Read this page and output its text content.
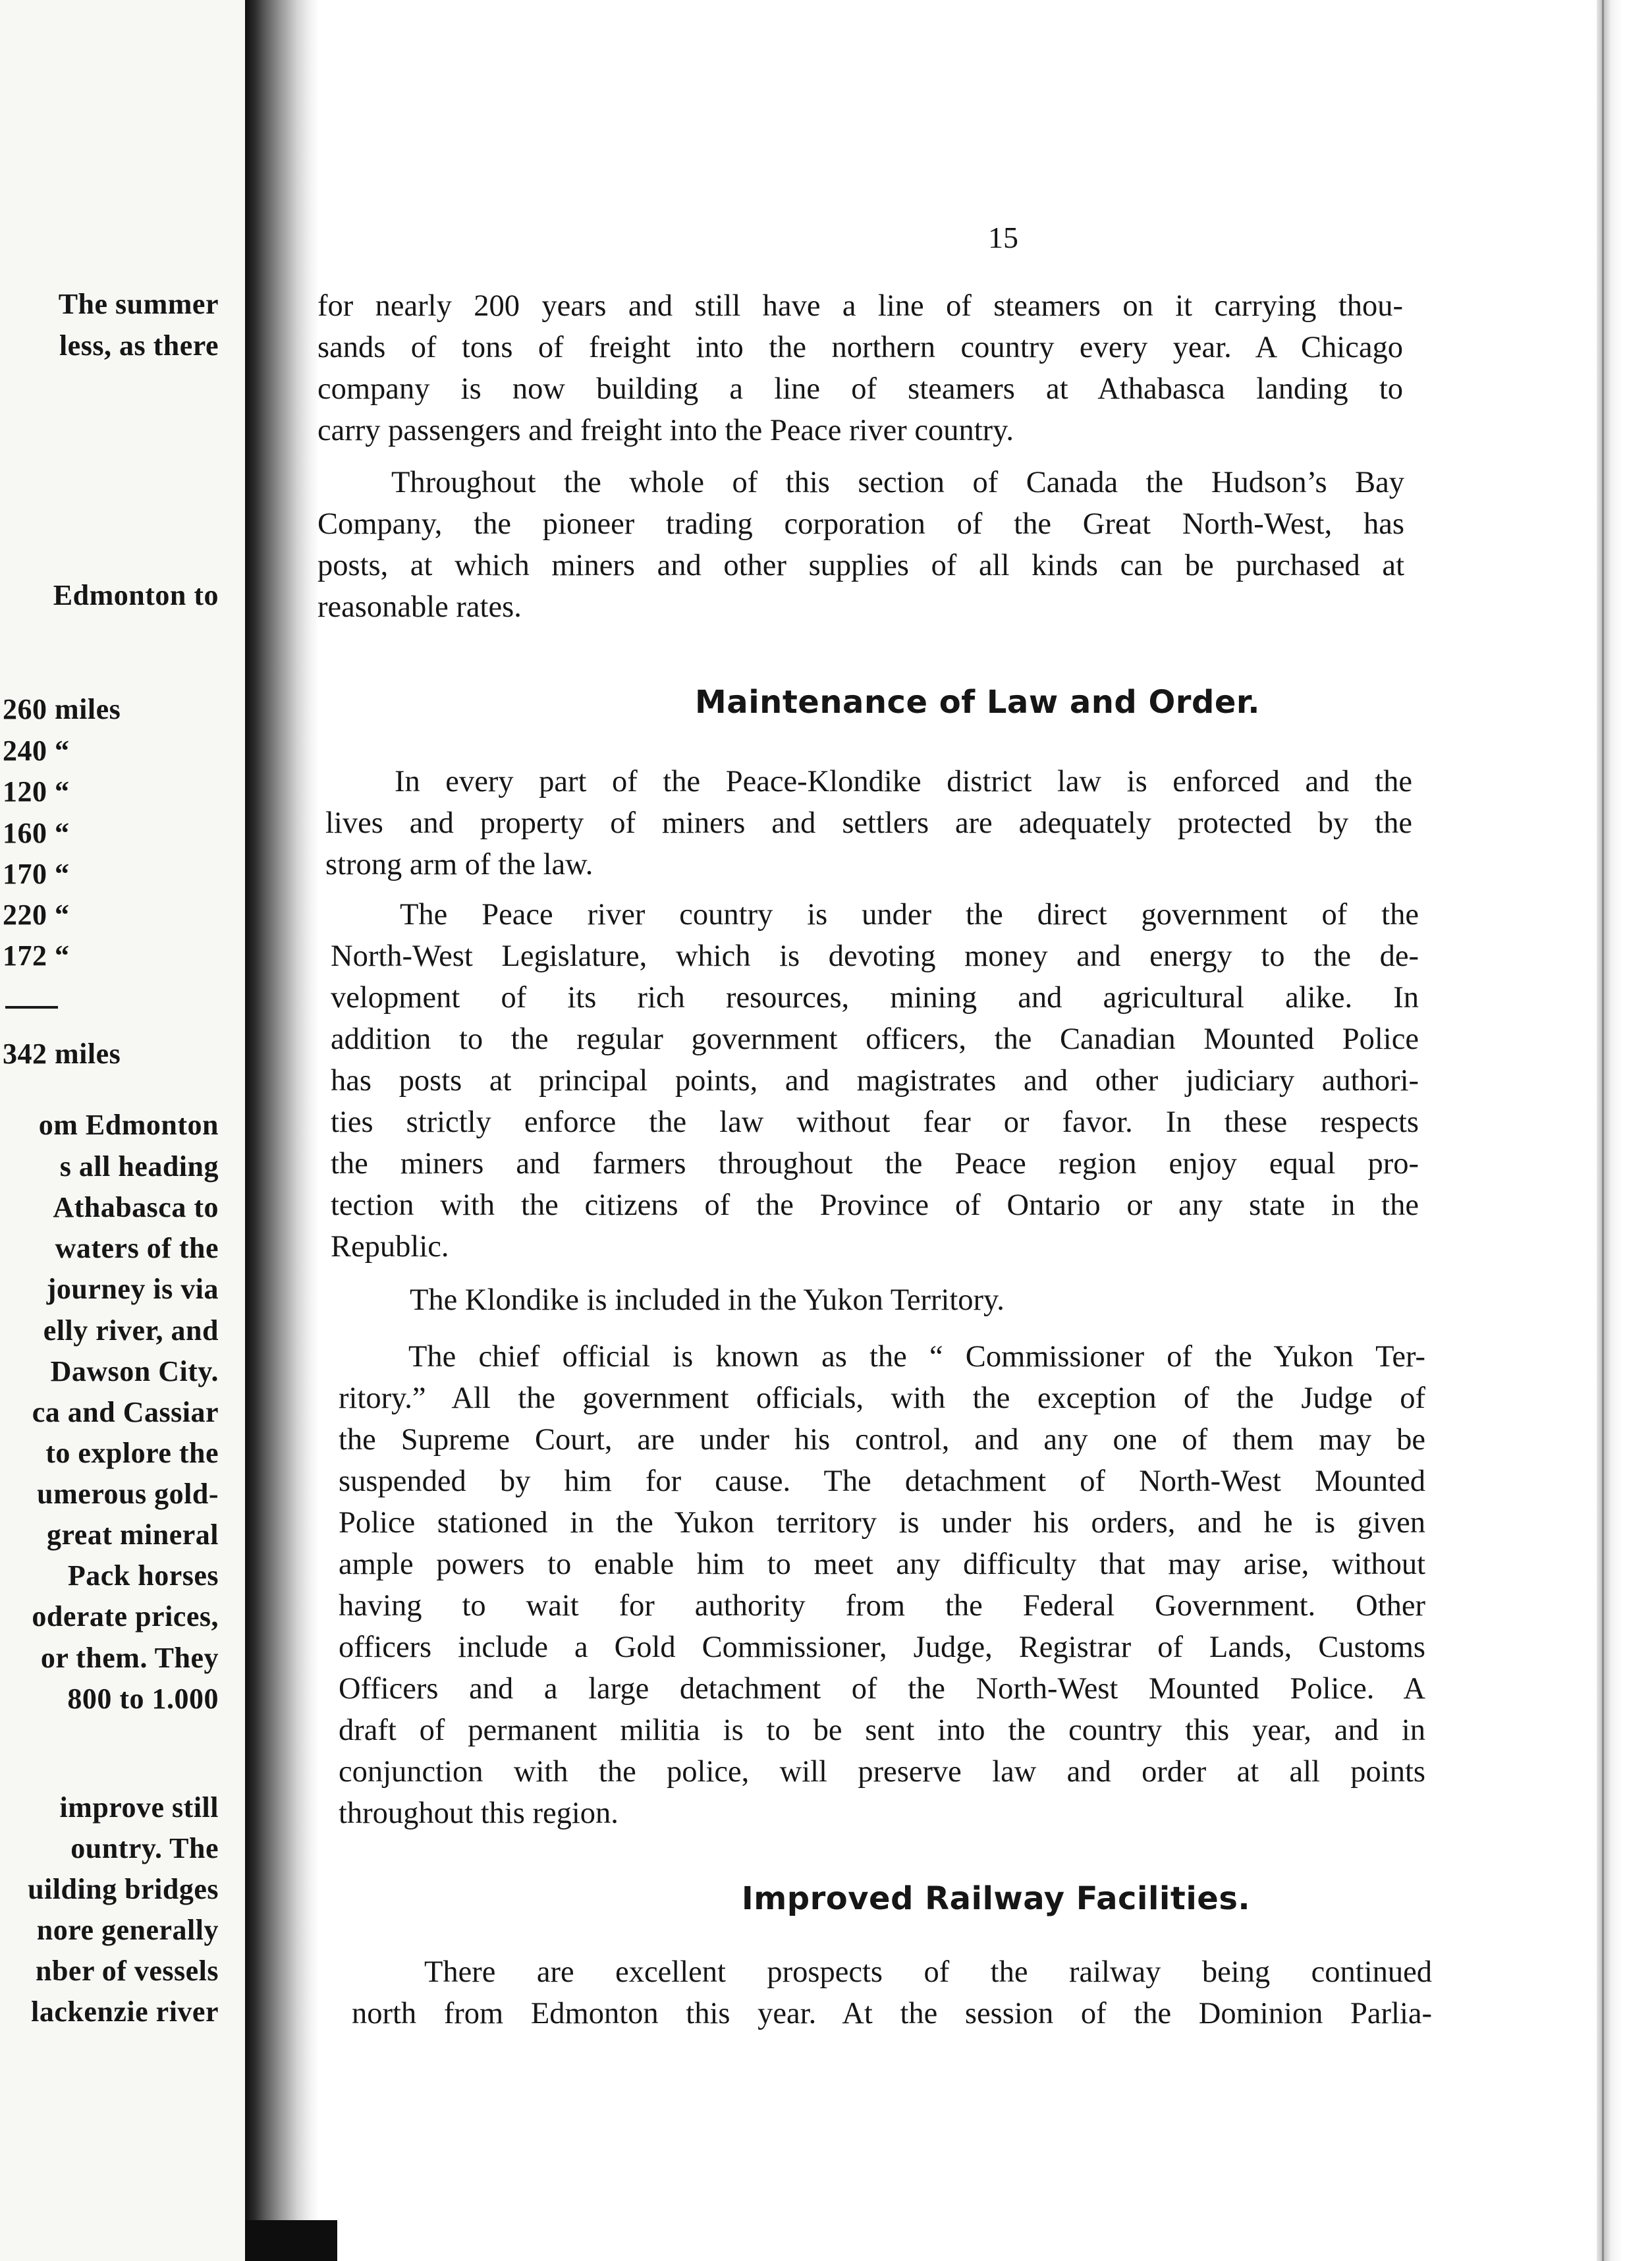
The summer
less, as there
Edmonton to
260 miles
240 “
120 “
160 “
170 “
220 “
172 “
342 miles
om Edmonton
s all heading
Athabasca to
waters of the
journey is via
elly river, and
Dawson City.
ca and Cassiar
to explore the
umerous gold-
great mineral
Pack horses
oderate prices,
or them. They
800 to 1.000
improve still
ountry. The
uilding bridges
nore generally
nber of vessels
lackenzie river
15
for nearly 200 years and still have a line of steamers on it carrying thou-
sands of tons of freight into the northern country every year. A Chicago
company is now building a line of steamers at Athabasca landing to
carry passengers and freight into the Peace river country.
Throughout the whole of this section of Canada the Hudson’s Bay
Company, the pioneer trading corporation of the Great North-West, has
posts, at which miners and other supplies of all kinds can be purchased at
reasonable rates.
Maintenance of Law and Order.
In every part of the Peace-Klondike district law is enforced and the
lives and property of miners and settlers are adequately protected by the
strong arm of the law.
The Peace river country is under the direct government of the
North-West Legislature, which is devoting money and energy to the de-
velopment of its rich resources, mining and agricultural alike. In
addition to the regular government officers, the Canadian Mounted Police
has posts at principal points, and magistrates and other judiciary authori-
ties strictly enforce the law without fear or favor. In these respects
the miners and farmers throughout the Peace region enjoy equal pro-
tection with the citizens of the Province of Ontario or any state in the
Republic.
The Klondike is included in the Yukon Territory.
The chief official is known as the “ Commissioner of the Yukon Ter-
ritory.” All the government officials, with the exception of the Judge of
the Supreme Court, are under his control, and any one of them may be
suspended by him for cause. The detachment of North-West Mounted
Police stationed in the Yukon territory is under his orders, and he is given
ample powers to enable him to meet any difficulty that may arise, without
having to wait for authority from the Federal Government. Other
officers include a Gold Commissioner, Judge, Registrar of Lands, Customs
Officers and a large detachment of the North-West Mounted Police. A
draft of permanent militia is to be sent into the country this year, and in
conjunction with the police, will preserve law and order at all points
throughout this region.
Improved Railway Facilities.
There are excellent prospects of the railway being continued
north from Edmonton this year. At the session of the Dominion Parlia-
